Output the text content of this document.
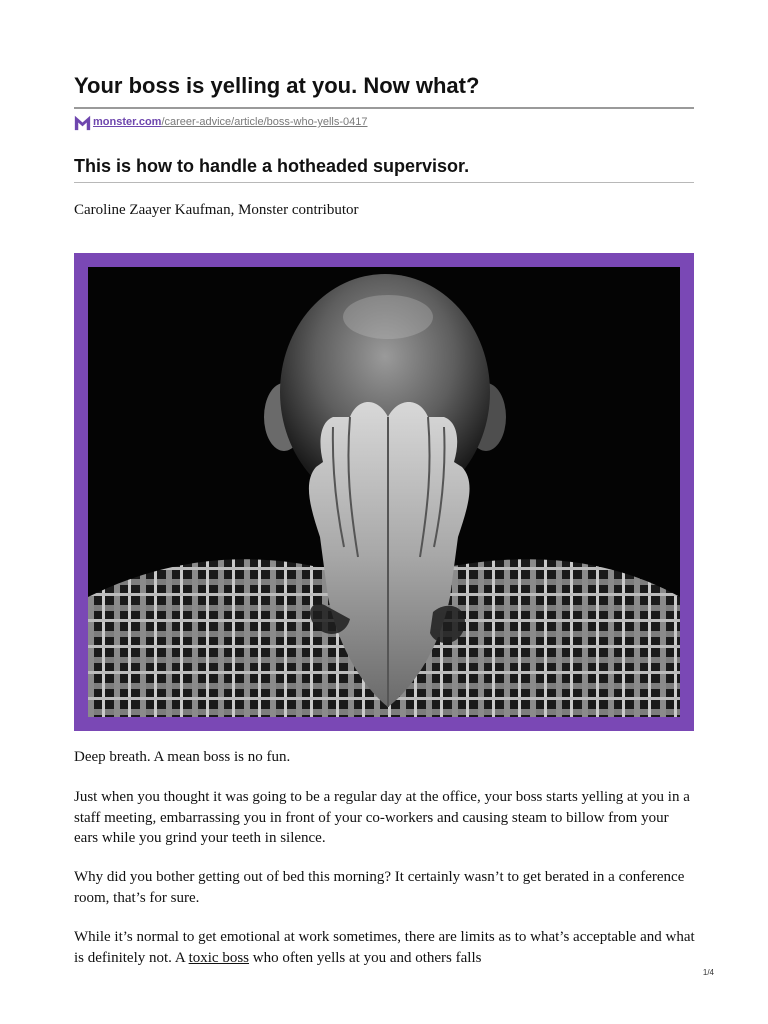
Your boss is yelling at you. Now what?
monster.com /career-advice/article/boss-who-yells-0417
This is how to handle a hotheaded supervisor.
Caroline Zaayer Kaufman, Monster contributor

Deep breath. A mean boss is no fun.

Just when you thought it was going to be a regular day at the office, your boss starts yelling at you in a staff meeting, embarrassing you in front of your co-workers and causing steam to billow from your ears while you grind your teeth in silence.

Why did you bother getting out of bed this morning? It certainly wasn’t to get berated in a conference room, that’s for sure.

While it’s normal to get emotional at work sometimes, there are limits as to what’s acceptable and what is definitely not. A toxic boss who often yells at you and others falls

1/4
